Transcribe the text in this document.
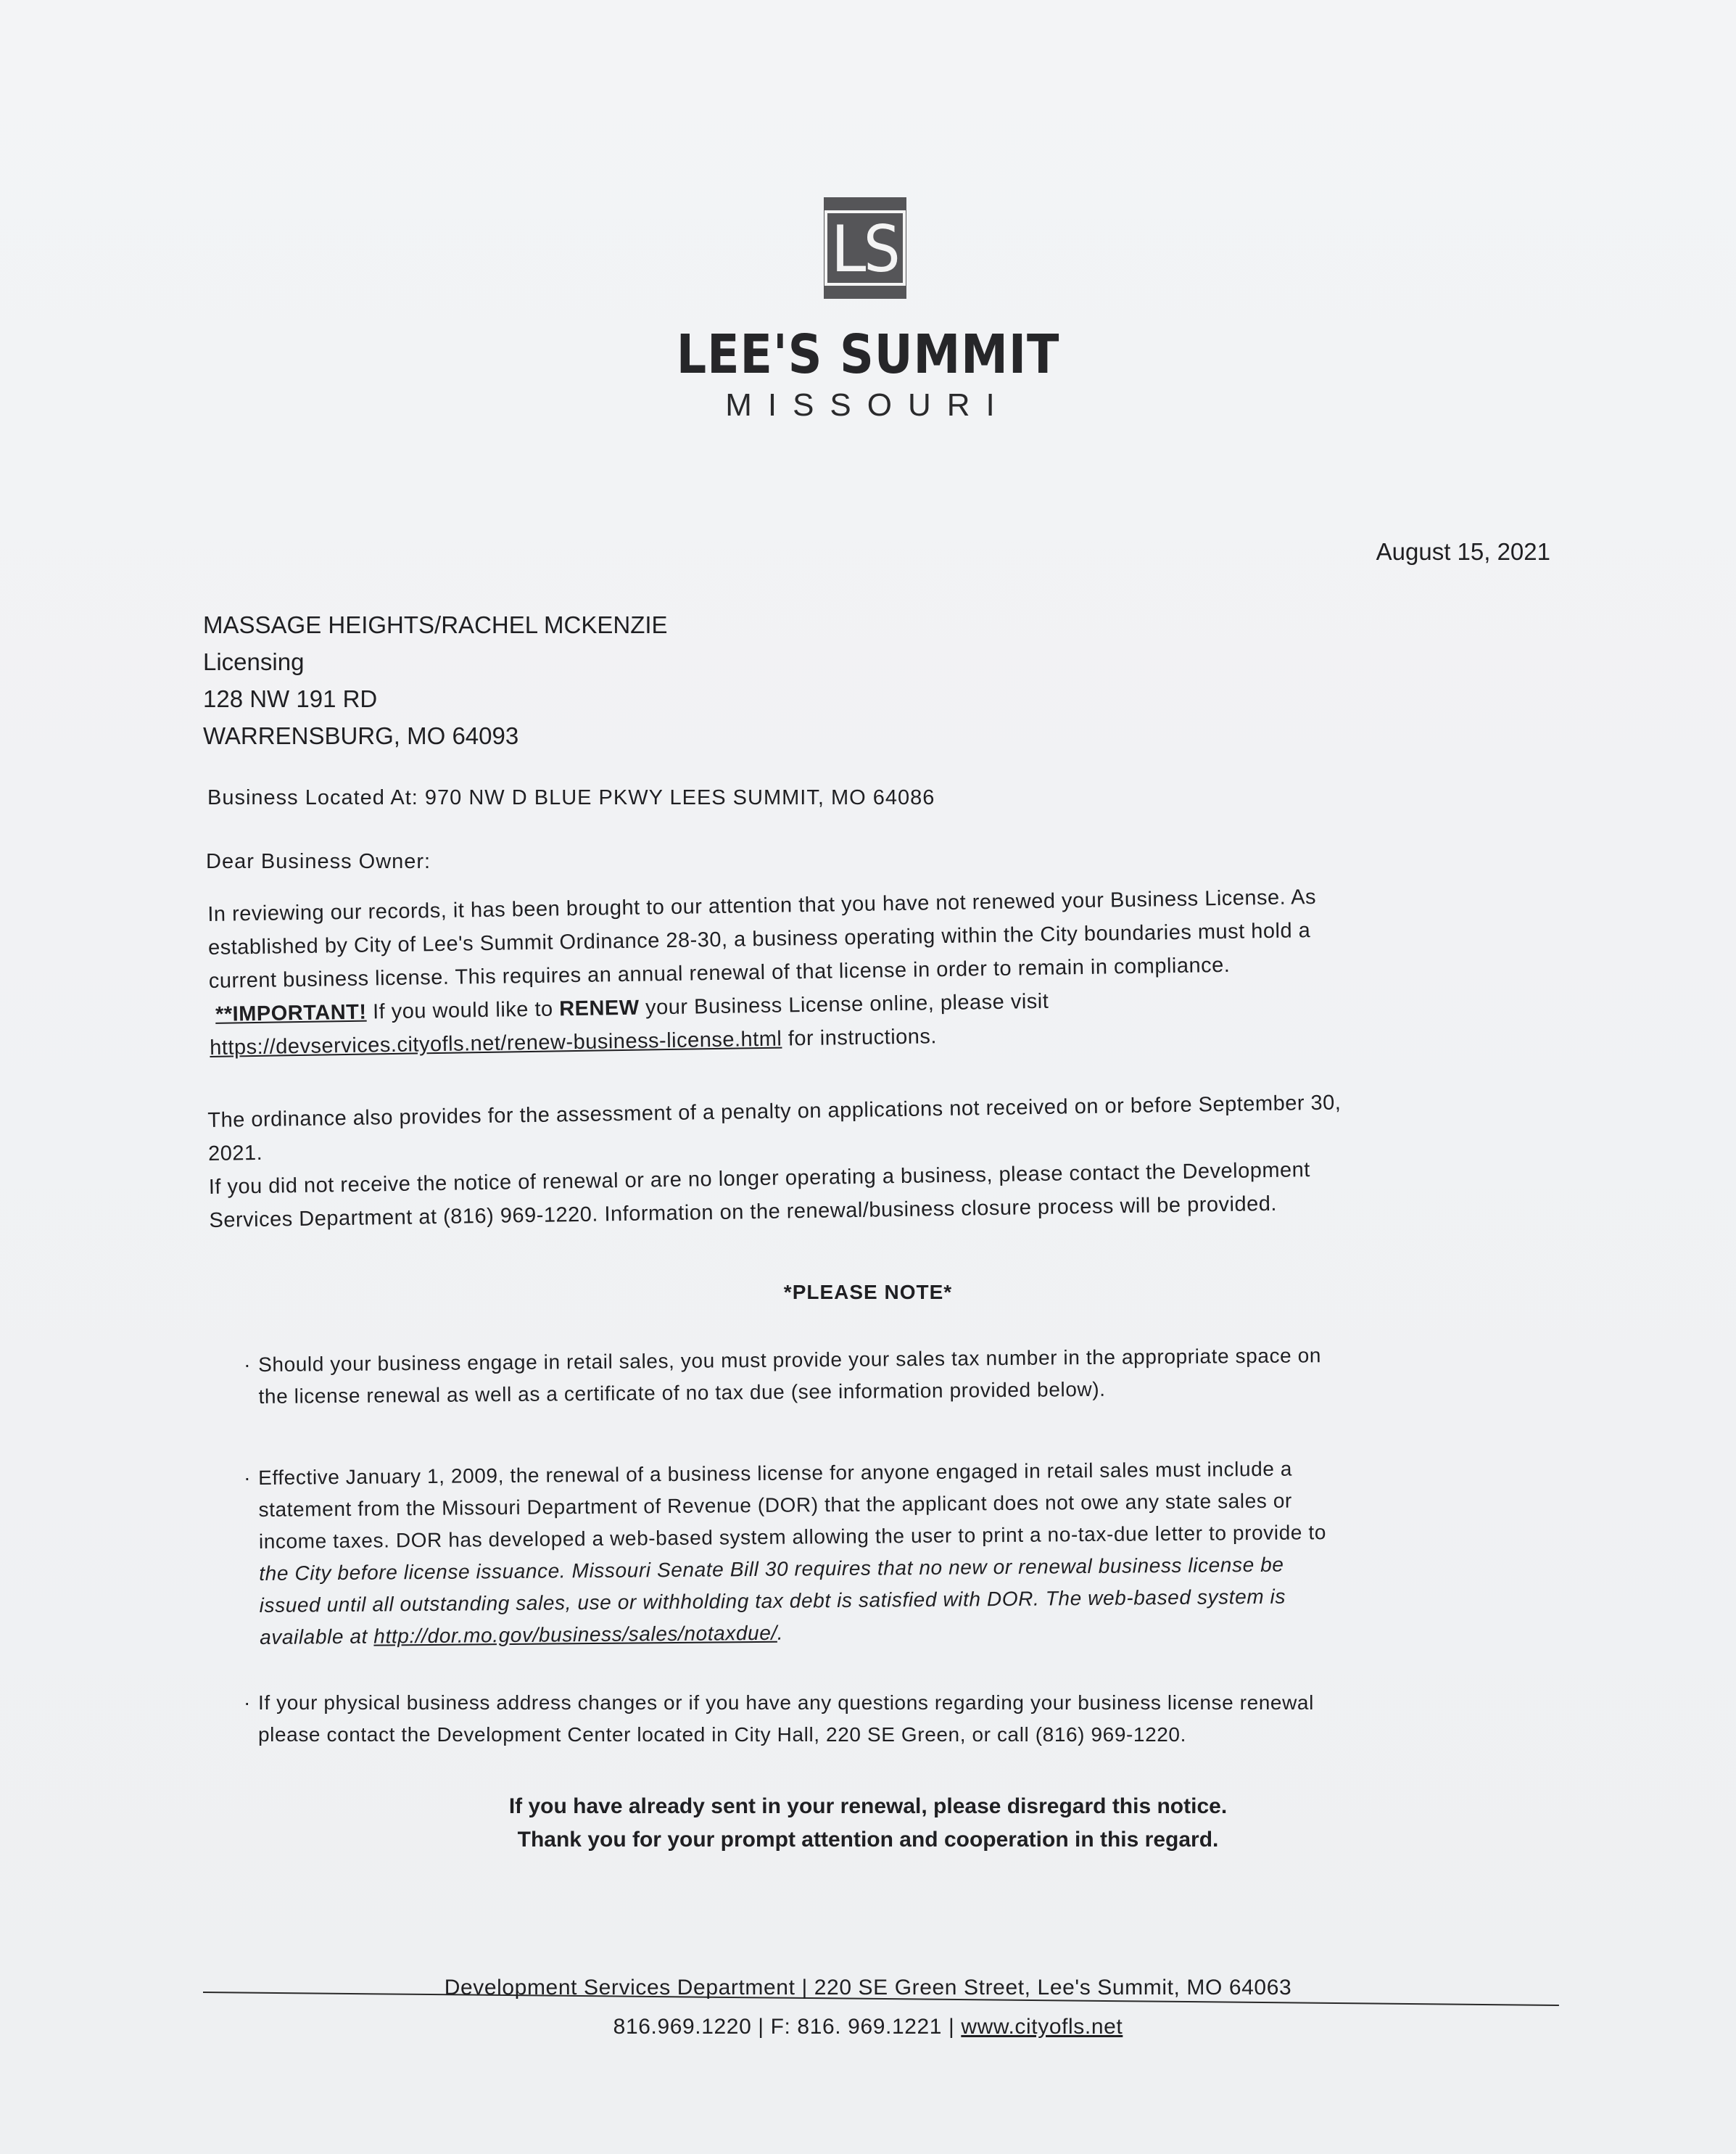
LS
LEE'S SUMMIT
MISSOURI
August 15, 2021
MASSAGE HEIGHTS/RACHEL MCKENZIE
Licensing
128 NW 191 RD
WARRENSBURG, MO 64093
Business Located At: 970 NW D BLUE PKWY LEES SUMMIT, MO 64086
Dear Business Owner:
In reviewing our records, it has been brought to our attention that you have not renewed your Business License. As
established by City of Lee's Summit Ordinance 28-30, a business operating within the City boundaries must hold a
current business license. This requires an annual renewal of that license in order to remain in compliance.
**IMPORTANT! If you would like to RENEW your Business License online, please visit
https://devservices.cityofls.net/renew-business-license.html for instructions.
The ordinance also provides for the assessment of a penalty on applications not received on or before September 30,
2021.
If you did not receive the notice of renewal or are no longer operating a business, please contact the Development
Services Department at (816) 969-1220. Information on the renewal/business closure process will be provided.
*PLEASE NOTE*
· Should your business engage in retail sales, you must provide your sales tax number in the appropriate space on
the license renewal as well as a certificate of no tax due (see information provided below).
· Effective January 1, 2009, the renewal of a business license for anyone engaged in retail sales must include a
statement from the Missouri Department of Revenue (DOR) that the applicant does not owe any state sales or
income taxes. DOR has developed a web-based system allowing the user to print a no-tax-due letter to provide to
the City before license issuance. Missouri Senate Bill 30 requires that no new or renewal business license be
issued until all outstanding sales, use or withholding tax debt is satisfied with DOR. The web-based system is
available at http://dor.mo.gov/business/sales/notaxdue/.
· If your physical business address changes or if you have any questions regarding your business license renewal
please contact the Development Center located in City Hall, 220 SE Green, or call (816) 969-1220.
If you have already sent in your renewal, please disregard this notice.
Thank you for your prompt attention and cooperation in this regard.
Development Services Department | 220 SE Green Street, Lee's Summit, MO 64063
816.969.1220 | F: 816. 969.1221 | www.cityofls.net
